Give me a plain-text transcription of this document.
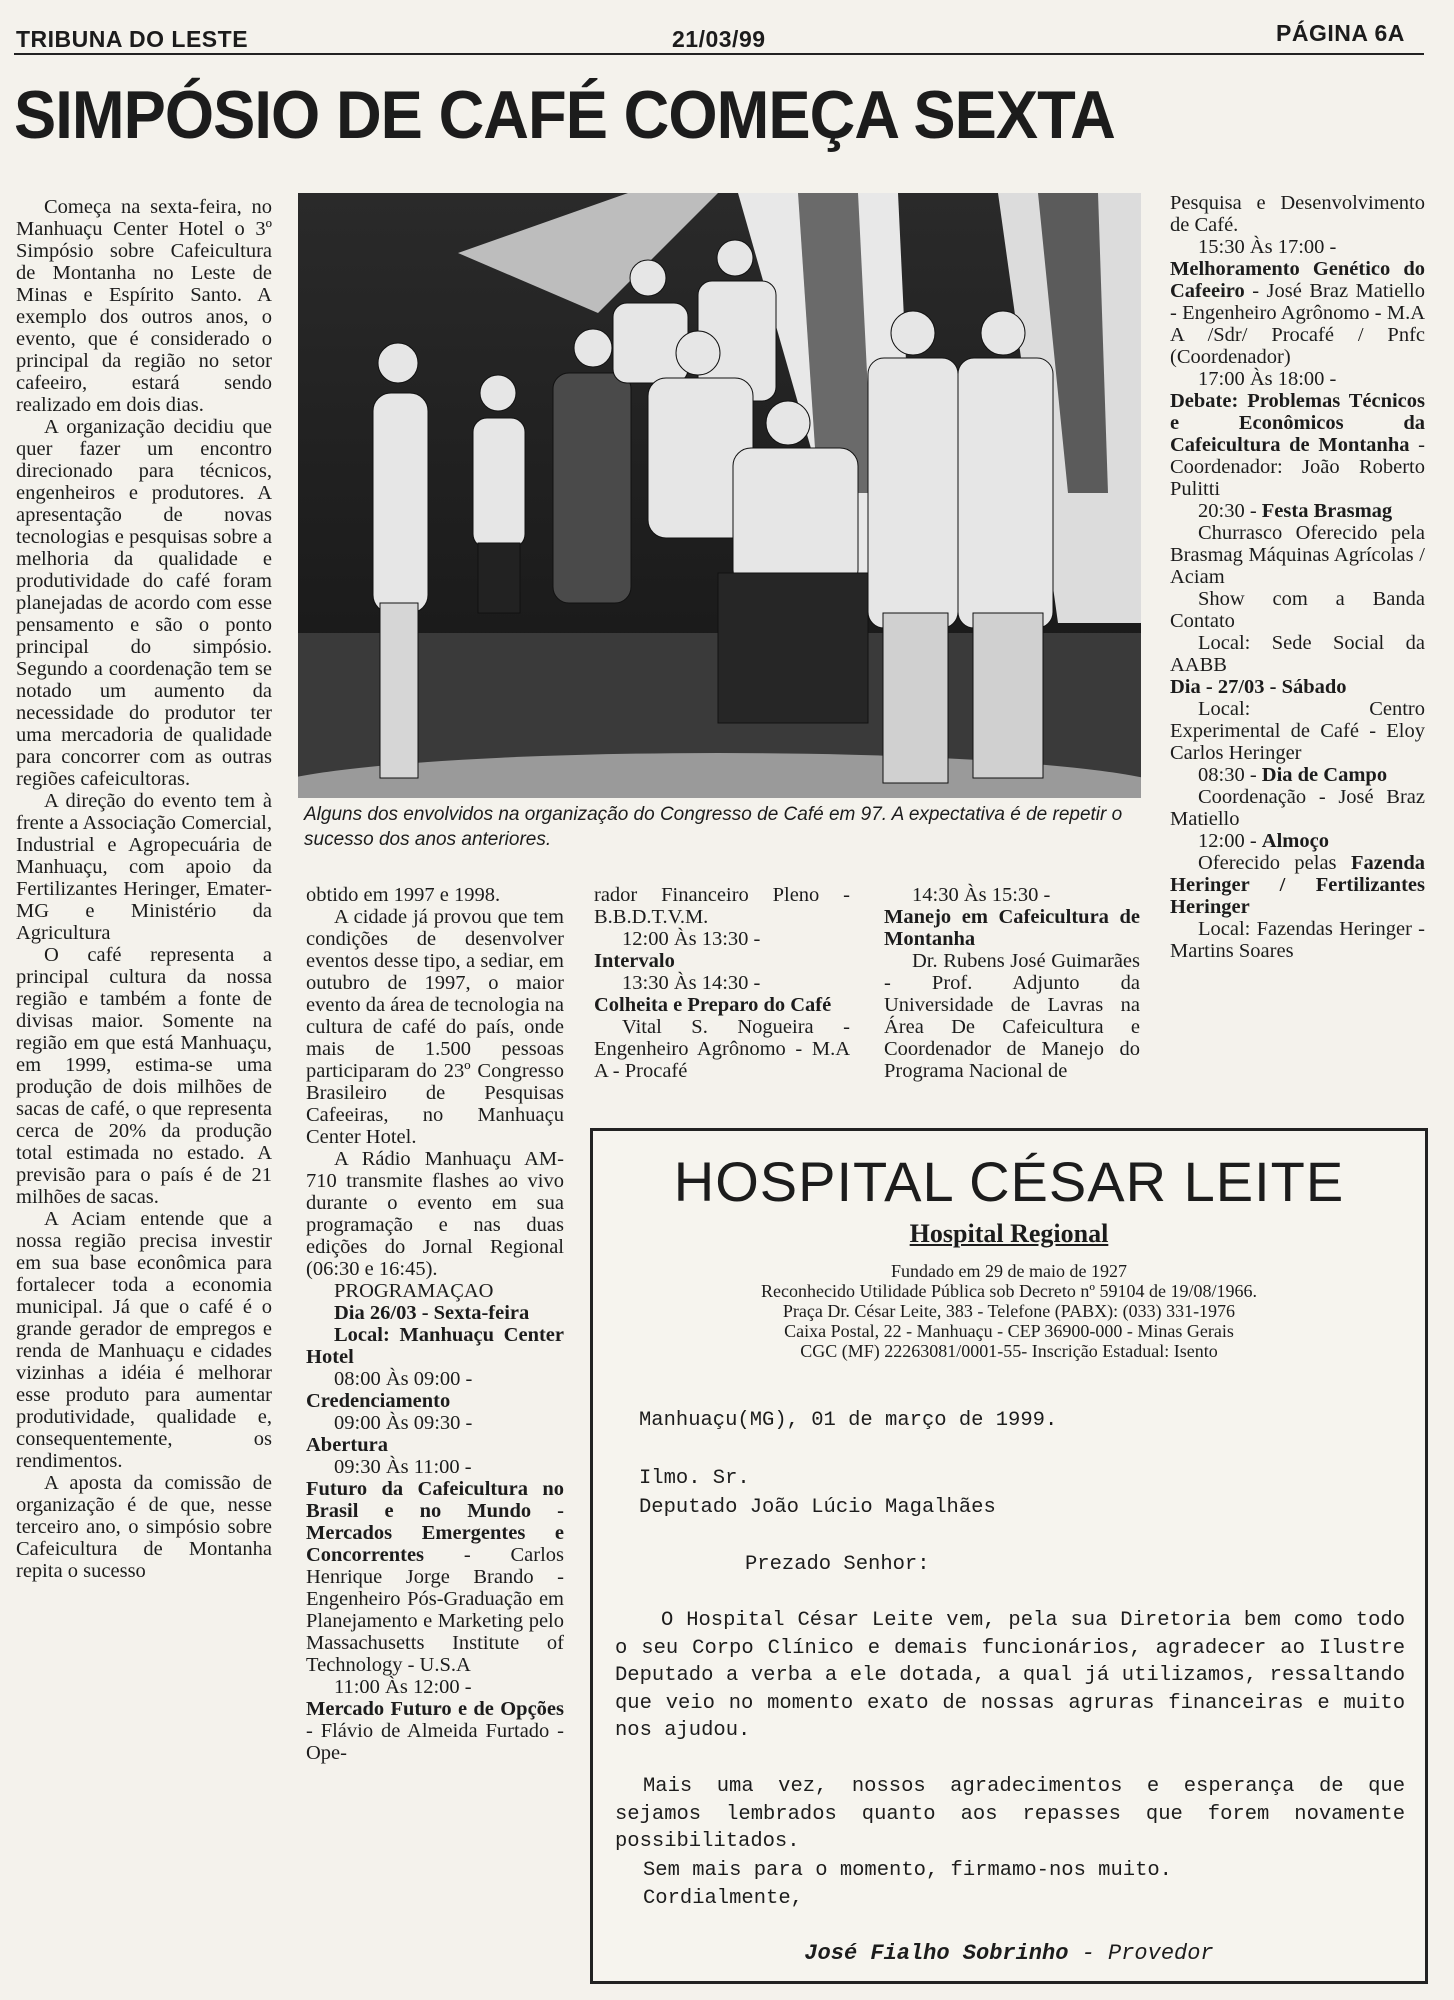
TRIBUNA DO LESTE	21/03/99	PÁGINA 6A
SIMPÓSIO DE CAFÉ COMEÇA SEXTA

Começa na sexta-feira, no Manhuaçu Center Hotel o 3º Simpósio sobre Cafeicultura de Montanha no Leste de Minas e Espírito Santo. A exemplo dos outros anos, o evento, que é considerado o principal da região no setor cafeeiro, estará sendo realizado em dois dias.

A organização decidiu que quer fazer um encontro direcionado para técnicos, engenheiros e produtores. A apresentação de novas tecnologias e pesquisas sobre a melhoria da qualidade e produtividade do café foram planejadas de acordo com esse pensamento e são o ponto principal do simpósio. Segundo a coordenação tem se notado um aumento da necessidade do produtor ter uma mercadoria de qualidade para concorrer com as outras regiões cafeicultoras.

A direção do evento tem à frente a Associação Comercial, Industrial e Agropecuária de Manhuaçu, com apoio da Fertilizantes Heringer, Emater-MG e Ministério da Agricultura

O café representa a principal cultura da nossa região e também a fonte de divisas maior. Somente na região em que está Manhuaçu, em 1999, estima-se uma produção de dois milhões de sacas de café, o que representa cerca de 20% da produção total estimada no estado. A previsão para o país é de 21 milhões de sacas.

A Aciam entende que a nossa região precisa investir em sua base econômica para fortalecer toda a economia municipal. Já que o café é o grande gerador de empregos e renda de Manhuaçu e cidades vizinhas a idéia é melhorar esse produto para aumentar produtividade, qualidade e, consequentemente, os rendimentos.

A aposta da comissão de organização é de que, nesse terceiro ano, o simpósio sobre Cafeicultura de Montanha repita o sucesso

Alguns dos envolvidos na organização do Congresso de Café em 97. A expectativa é de repetir o sucesso dos anos anteriores.

obtido em 1997 e 1998.

A cidade já provou que tem condições de desenvolver eventos desse tipo, a sediar, em outubro de 1997, o maior evento da área de tecnologia na cultura de café do país, onde mais de 1.500 pessoas participaram do 23º Congresso Brasileiro de Pesquisas Cafeeiras, no Manhuaçu Center Hotel.

A Rádio Manhuaçu AM-710 transmite flashes ao vivo durante o evento em sua programação e nas duas edições do Jornal Regional (06:30 e 16:45).

PROGRAMAÇAO

Dia 26/03 - Sexta-feira

Local: Manhuaçu Center Hotel

08:00 Às 09:00 -

Credenciamento

09:00 Às 09:30 -

Abertura

09:30 Às 11:00 -

Futuro da Cafeicultura no Brasil e no Mundo - Mercados Emergentes e Concorrentes - Carlos Henrique Jorge Brando - Engenheiro Pós-Graduação em Planejamento e Marketing pelo Massachusetts Institute of Technology - U.S.A

11:00 Às 12:00 -

Mercado Futuro e de Opções - Flávio de Almeida Furtado - Ope-

rador Financeiro Pleno - B.B.D.T.V.M.

12:00 Às 13:30 -

Intervalo

13:30 Às 14:30 -

Colheita e Preparo do Café

Vital S. Nogueira - Engenheiro Agrônomo - M.A A - Procafé

14:30 Às 15:30 -

Manejo em Cafeicultura de Montanha

Dr. Rubens José Guimarães - Prof. Adjunto da Universidade de Lavras na Área De Cafeicultura e Coordenador de Manejo do Programa Nacional de

Pesquisa e Desenvolvimento de Café.

15:30 Às 17:00 -

Melhoramento Genético do Cafeeiro - José Braz Matiello - Engenheiro Agrônomo - M.A A /Sdr/ Procafé / Pnfc (Coordenador)

17:00 Às 18:00 -

Debate: Problemas Técnicos e Econômicos da Cafeicultura de Montanha - Coordenador: João Roberto Pulitti

20:30 - Festa Brasmag

Churrasco Oferecido pela Brasmag Máquinas Agrícolas / Aciam

Show com a Banda Contato

Local: Sede Social da AABB

Dia - 27/03 - Sábado

Local: Centro Experimental de Café - Eloy Carlos Heringer

08:30 - Dia de Campo

Coordenação - José Braz Matiello

12:00 - Almoço

Oferecido pelas Fazenda Heringer / Fertilizantes Heringer

Local: Fazendas Heringer - Martins Soares

HOSPITAL CÉSAR LEITE
Hospital Regional
Fundado em 29 de maio de 1927
Reconhecido Utilidade Pública sob Decreto nº 59104 de 19/08/1966.
Praça Dr. César Leite, 383 - Telefone (PABX): (033) 331-1976
Caixa Postal, 22 - Manhuaçu - CEP 36900-000 - Minas Gerais
CGC (MF) 22263081/0001-55- Inscrição Estadual: Isento
Manhuaçu(MG), 01 de março de 1999.
Ilmo. Sr.
Deputado João Lúcio Magalhães
Prezado Senhor:
O Hospital César Leite vem, pela sua Diretoria bem como todo o seu Corpo Clínico e demais funcionários, agradecer ao Ilustre Deputado a verba a ele dotada, a qual já utilizamos, ressaltando que veio no momento exato de nossas agruras financeiras e muito nos ajudou.
Mais uma vez, nossos agradecimentos e esperança de que sejamos lembrados quanto aos repasses que forem novamente possibilitados.
Sem mais para o momento, firmamo-nos muito.
Cordialmente,
José Fialho Sobrinho - Provedor
